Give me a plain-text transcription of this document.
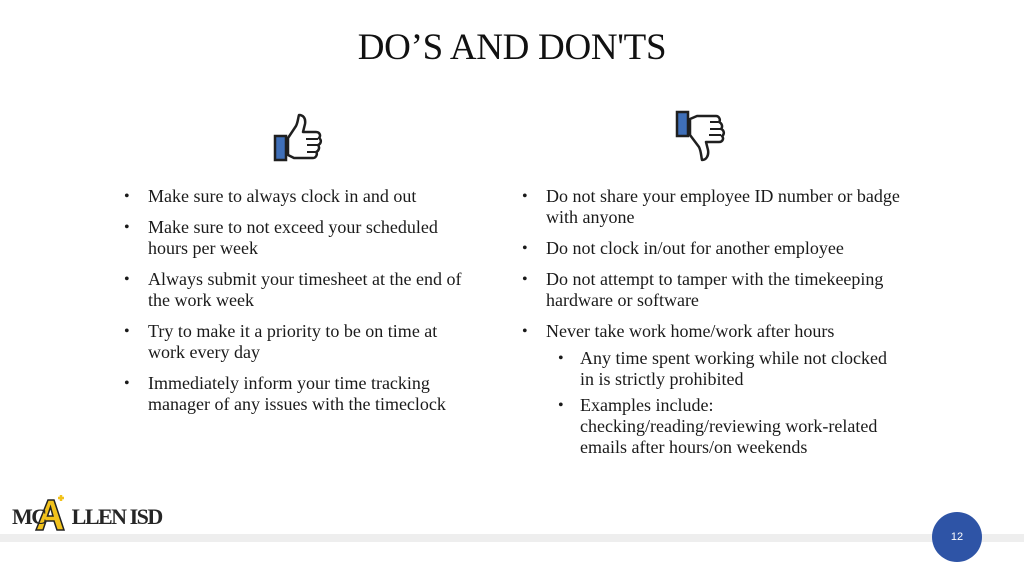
DO’S AND DON'TS
• Make sure to always clock in and out
• Make sure to not exceed your scheduled hours per week
• Always submit your timesheet at the end of the work week
• Try to make it a priority to be on time at work every day
• Immediately inform your time tracking manager of any issues with the timeclock
• Do not share your employee ID number or badge with anyone
• Do not clock in/out for another employee
• Do not attempt to tamper with the timekeeping hardware or software
• Never take work home/work after hours
• Any time spent working while not clocked in is strictly prohibited
• Examples include: checking/reading/reviewing work-related emails after hours/on weekends
MC LLEN ISD
12
